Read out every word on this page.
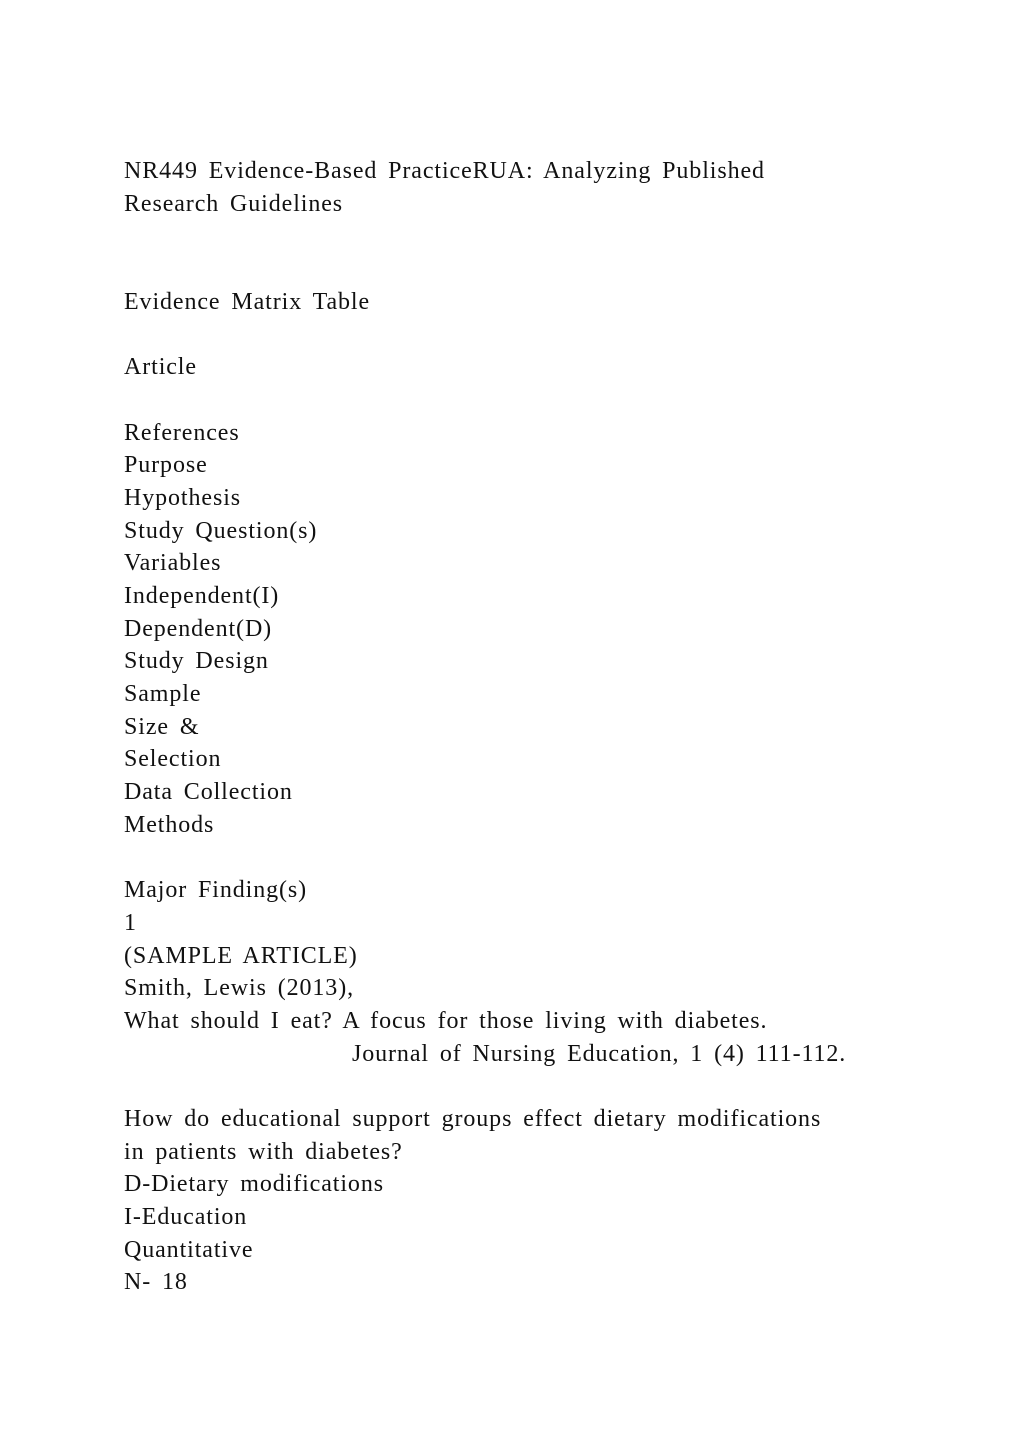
NR449 Evidence-Based PracticeRUA: Analyzing Published
Research Guidelines
Evidence Matrix Table
Article
References
Purpose
Hypothesis
Study Question(s)
Variables
Independent(I)
Dependent(D)
Study Design
Sample
Size &
Selection
Data Collection
Methods
Major Finding(s)
1
(SAMPLE ARTICLE)
Smith, Lewis (2013),
What should I eat? A focus for those living with diabetes.
Journal of Nursing Education, 1 (4) 111-112.
How do educational support groups effect dietary modifications
in patients with diabetes?
D-Dietary modifications
I-Education
Quantitative
N- 18
